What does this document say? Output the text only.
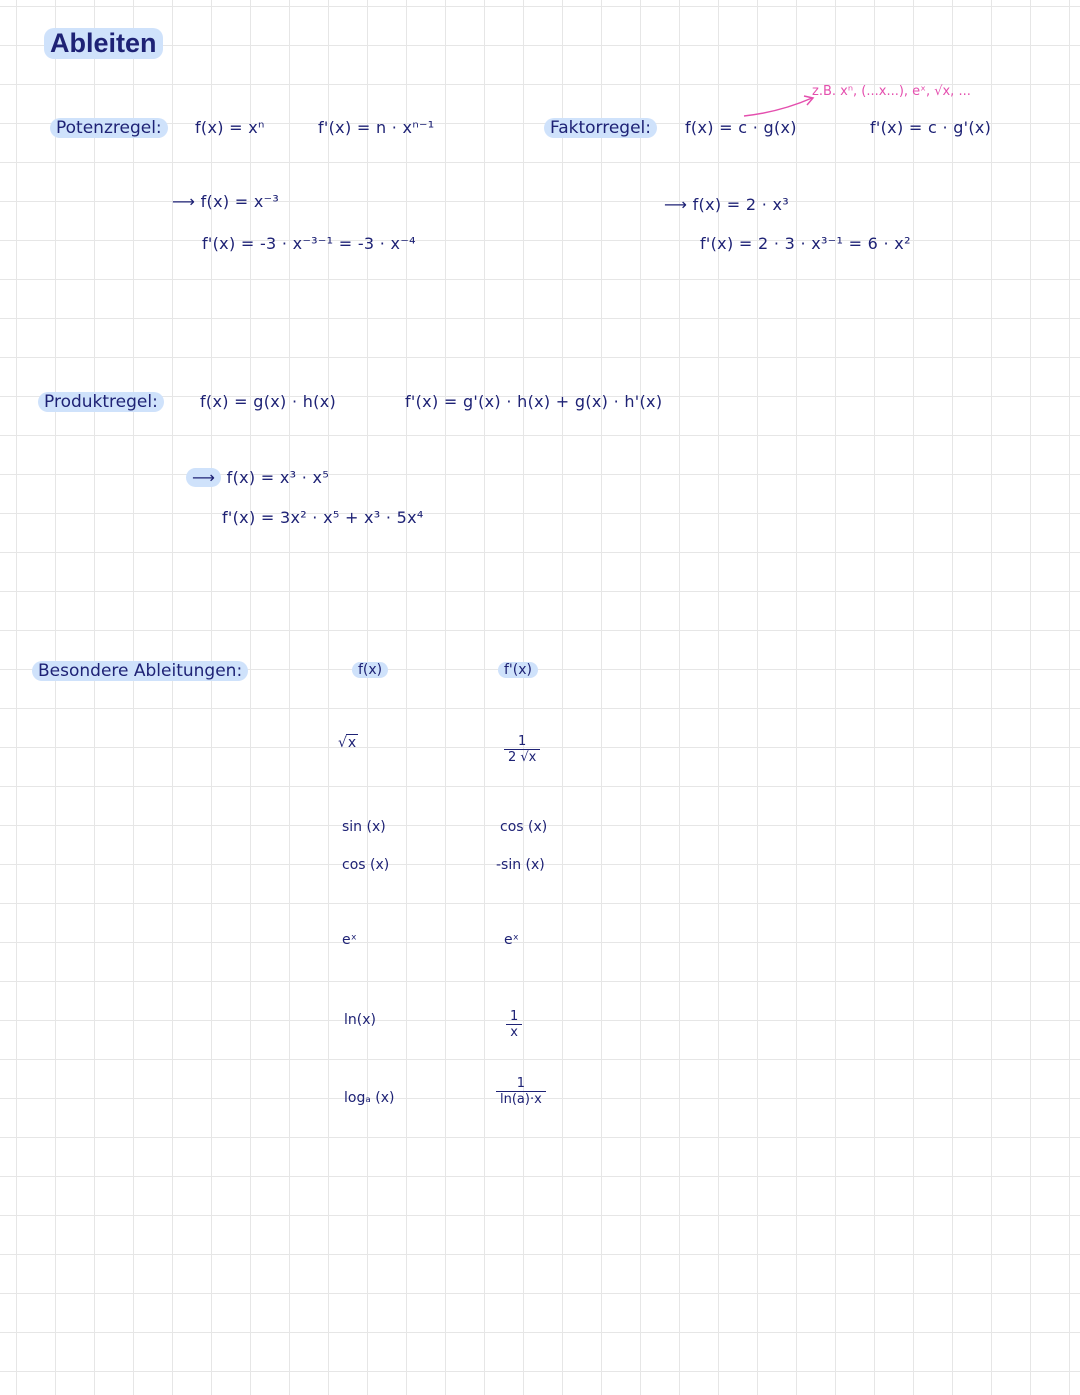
Ableiten
Potenzregel:	f(x) = xⁿ	f'(x) = n · xⁿ⁻¹
⟶ f(x) = x⁻³
f'(x) = -3 · x⁻³⁻¹ = -3 · x⁻⁴
z.B. xⁿ, (...x...), eˣ, √x, ...
Faktorregel:	f(x) = c · g(x)	f'(x) = c · g'(x)
⟶ f(x) = 2 · x³
f'(x) = 2 · 3 · x³⁻¹ = 6 · x²
Produktregel:	f(x) = g(x) · h(x)	f'(x) = g'(x) · h(x) + g(x) · h'(x)
⟶ f(x) = x³ · x⁵
f'(x) = 3x² · x⁵ + x³ · 5x⁴
Besondere Ableitungen:	f(x)	f'(x)
√x	$\frac{1}{2 √x}$
sin (x)	cos (x)
cos (x)	-sin (x)
eˣ	eˣ
ln(x)	$\frac{1}{x}$
logₐ (x)	$\frac{1}{\ln(a)\cdot x}$
